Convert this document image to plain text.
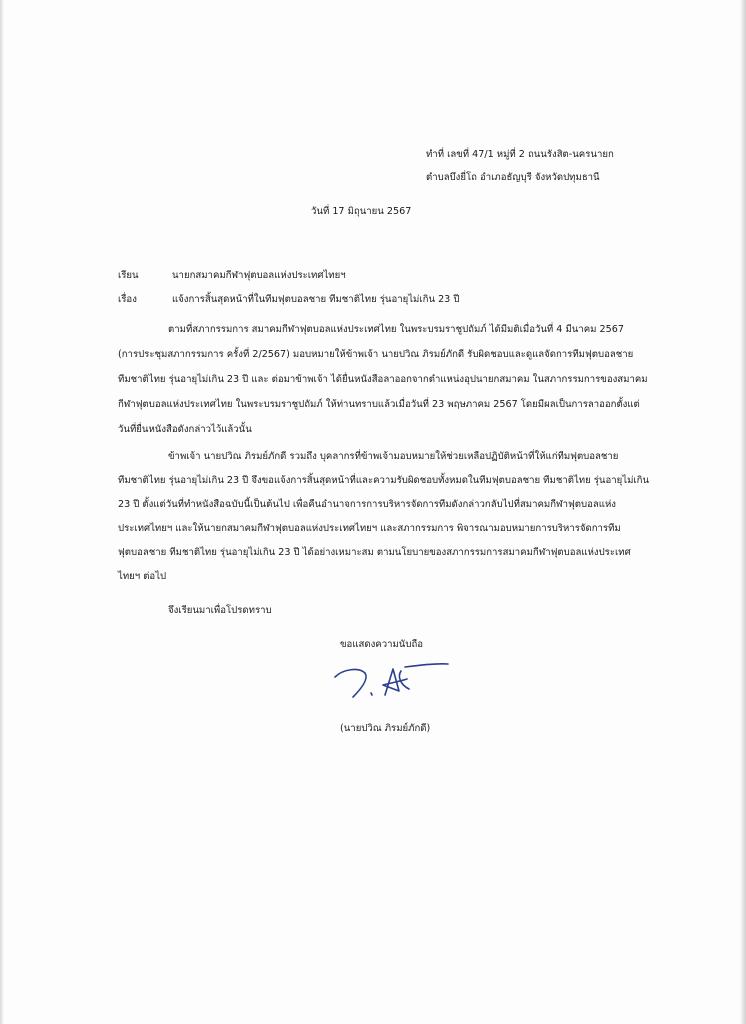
ทำที่ เลขที่ 47/1 หมู่ที่ 2 ถนนรังสิต-นครนายก
ตำบลบึงยี่โถ อำเภอธัญบุรี จังหวัดปทุมธานี
วันที่ 17 มิถุนายน 2567
เรียน	นายกสมาคมกีฬาฟุตบอลแห่งประเทศไทยฯ
เรื่อง	แจ้งการสิ้นสุดหน้าที่ในทีมฟุตบอลชาย ทีมชาติไทย รุ่นอายุไม่เกิน 23 ปี
ตามที่สภากรรมการ สมาคมกีฬาฟุตบอลแห่งประเทศไทย ในพระบรมราชูปถัมภ์ ได้มีมติเมื่อวันที่ 4 มีนาคม 2567
(การประชุมสภากรรมการ ครั้งที่ 2/2567) มอบหมายให้ข้าพเจ้า นายปวิณ ภิรมย์ภักดี รับผิดชอบและดูแลจัดการทีมฟุตบอลชาย
ทีมชาติไทย รุ่นอายุไม่เกิน 23 ปี และ ต่อมาข้าพเจ้า ได้ยื่นหนังสือลาออกจากตำแหน่งอุปนายกสมาคม ในสภากรรมการของสมาคม
กีฬาฟุตบอลแห่งประเทศไทย ในพระบรมราชูปถัมภ์ ให้ท่านทราบแล้วเมื่อวันที่ 23 พฤษภาคม 2567 โดยมีผลเป็นการลาออกตั้งแต่
วันที่ยื่นหนังสือดังกล่าวไว้แล้วนั้น
ข้าพเจ้า นายปวิณ ภิรมย์ภักดี รวมถึง บุคลากรที่ข้าพเจ้ามอบหมายให้ช่วยเหลือปฏิบัติหน้าที่ให้แก่ทีมฟุตบอลชาย
ทีมชาติไทย รุ่นอายุไม่เกิน 23 ปี จึงขอแจ้งการสิ้นสุดหน้าที่และความรับผิดชอบทั้งหมดในทีมฟุตบอลชาย ทีมชาติไทย รุ่นอายุไม่เกิน
23 ปี ตั้งแต่วันที่ทำหนังสือฉบับนี้เป็นต้นไป เพื่อคืนอำนาจการการบริหารจัดการทีมดังกล่าวกลับไปที่สมาคมกีฬาฟุตบอลแห่ง
ประเทศไทยฯ และให้นายกสมาคมกีฬาฟุตบอลแห่งประเทศไทยฯ และสภากรรมการ พิจารณามอบหมายการบริหารจัดการทีม
ฟุตบอลชาย ทีมชาติไทย รุ่นอายุไม่เกิน 23 ปี ได้อย่างเหมาะสม ตามนโยบายของสภากรรมการสมาคมกีฬาฟุตบอลแห่งประเทศ
ไทยฯ ต่อไป
จึงเรียนมาเพื่อโปรดทราบ
ขอแสดงความนับถือ
(นายปวิณ ภิรมย์ภักดี)
